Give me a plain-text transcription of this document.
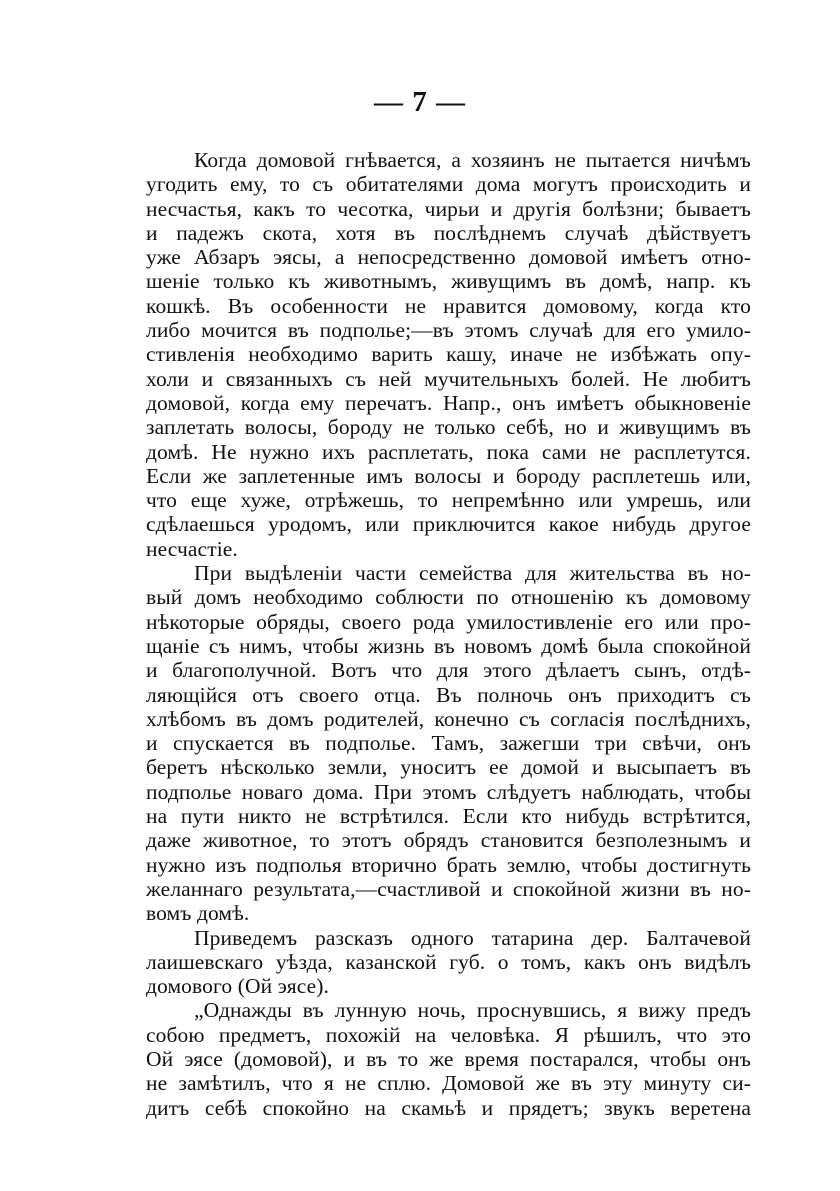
— 7 —
Когда домовой гнѣвается, а хозяинъ не пытается ничѣмъ
угодить ему, то съ обитателями дома могутъ происходить и
несчастья, какъ то чесотка, чирьи и другія болѣзни; бываетъ
и падежъ скота, хотя въ послѣднемъ случаѣ дѣйствуетъ
уже Абзаръ эясы, а непосредственно домовой имѣетъ отно-
шеніе только къ животнымъ, живущимъ въ домѣ, напр. къ
кошкѣ. Въ особенности не нравится домовому, когда кто
либо мочится въ подполье;—въ этомъ случаѣ для его умило-
стивленія необходимо варить кашу, иначе не избѣжать опу-
холи и связанныхъ съ ней мучительныхъ болей. Не любитъ
домовой, когда ему перечатъ. Напр., онъ имѣетъ обыкновеніе
заплетать волосы, бороду не только себѣ, но и живущимъ въ
домѣ. Не нужно ихъ расплетать, пока сами не расплетутся.
Если же заплетенные имъ волосы и бороду расплетешь или,
что еще хуже, отрѣжешь, то непремѣнно или умрешь, или
сдѣлаешься уродомъ, или приключится какое нибудь другое
несчастіе.
При выдѣленіи части семейства для жительства въ но-
вый домъ необходимо соблюсти по отношенію къ домовому
нѣкоторые обряды, своего рода умилостивленіе его или про-
щаніе съ нимъ, чтобы жизнь въ новомъ домѣ была спокойной
и благополучной. Вотъ что для этого дѣлаетъ сынъ, отдѣ-
ляющійся отъ своего отца. Въ полночь онъ приходитъ съ
хлѣбомъ въ домъ родителей, конечно съ согласія послѣднихъ,
и спускается въ подполье. Тамъ, зажегши три свѣчи, онъ
беретъ нѣсколько земли, уноситъ ее домой и высыпаетъ въ
подполье новаго дома. При этомъ слѣдуетъ наблюдать, чтобы
на пути никто не встрѣтился. Если кто нибудь встрѣтится,
даже животное, то этотъ обрядъ становится безполезнымъ и
нужно изъ подполья вторично брать землю, чтобы достигнуть
желаннаго результата,—счастливой и спокойной жизни въ но-
вомъ домѣ.
Приведемъ разсказъ одного татарина дер. Балтачевой
лаишевскаго уѣзда, казанской губ. о томъ, какъ онъ видѣлъ
домового (Ой эясе).
„Однажды въ лунную ночь, проснувшись, я вижу предъ
собою предметъ, похожій на человѣка. Я рѣшилъ, что это
Ой эясе (домовой), и въ то же время постарался, чтобы онъ
не замѣтилъ, что я не сплю. Домовой же въ эту минуту си-
дитъ себѣ спокойно на скамьѣ и прядетъ; звукъ веретена
